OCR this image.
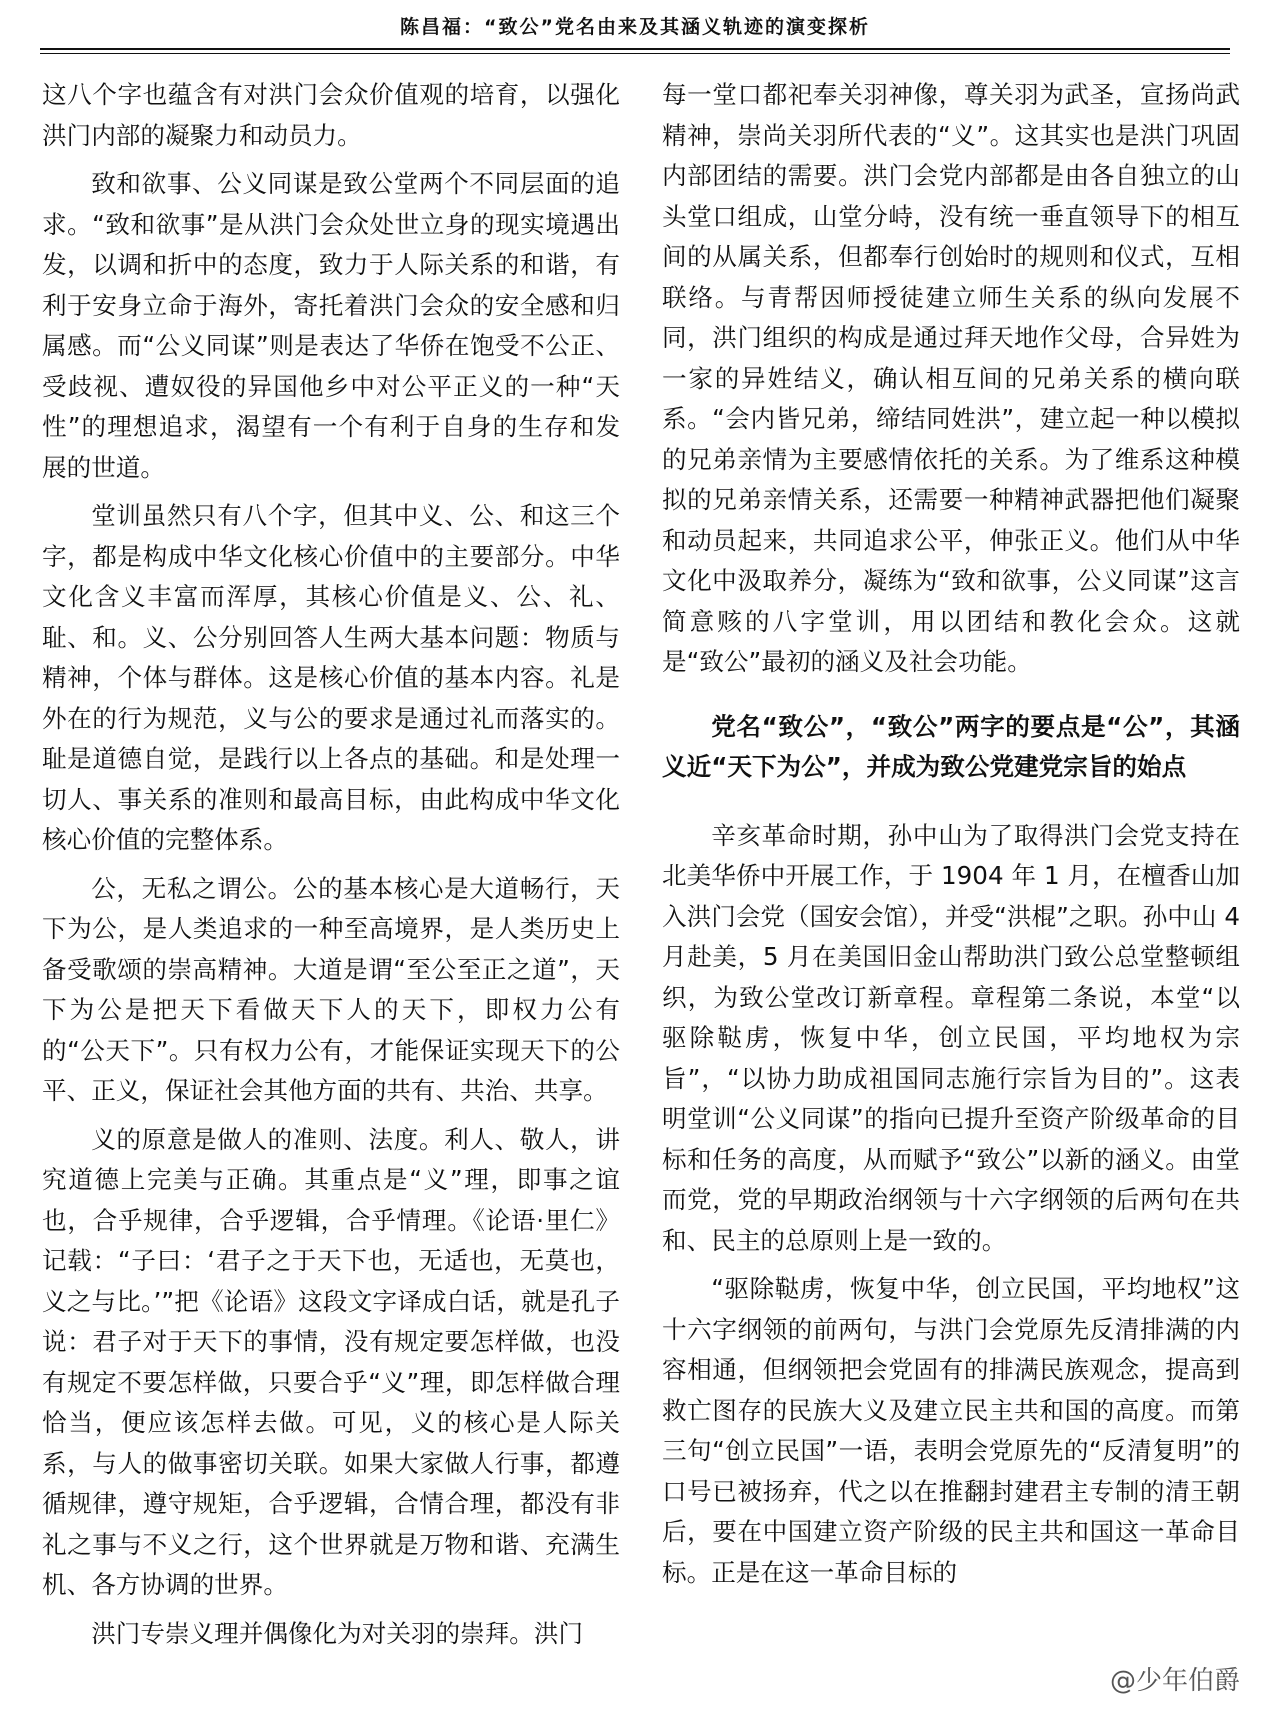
陈昌福：“致公”党名由来及其涵义轨迹的演变探析

这八个字也蕴含有对洪门会众价值观的培育，以强化洪门内部的凝聚力和动员力。

致和欲事、公义同谋是致公堂两个不同层面的追求。“致和欲事”是从洪门会众处世立身的现实境遇出发，以调和折中的态度，致力于人际关系的和谐，有利于安身立命于海外，寄托着洪门会众的安全感和归属感。而“公义同谋”则是表达了华侨在饱受不公正、受歧视、遭奴役的异国他乡中对公平正义的一种“天性”的理想追求，渴望有一个有利于自身的生存和发展的世道。

堂训虽然只有八个字，但其中义、公、和这三个字，都是构成中华文化核心价值中的主要部分。中华文化含义丰富而浑厚，其核心价值是义、公、礼、耻、和。义、公分别回答人生两大基本问题：物质与精神，个体与群体。这是核心价值的基本内容。礼是外在的行为规范，义与公的要求是通过礼而落实的。耻是道德自觉，是践行以上各点的基础。和是处理一切人、事关系的准则和最高目标，由此构成中华文化核心价值的完整体系。

公，无私之谓公。公的基本核心是大道畅行，天下为公，是人类追求的一种至高境界，是人类历史上备受歌颂的崇高精神。大道是谓“至公至正之道”，天下为公是把天下看做天下人的天下，即权力公有的“公天下”。只有权力公有，才能保证实现天下的公平、正义，保证社会其他方面的共有、共治、共享。

义的原意是做人的准则、法度。利人、敬人，讲究道德上完美与正确。其重点是“义”理，即事之谊也，合乎规律，合乎逻辑，合乎情理。《论语·里仁》记载：“子曰：‘君子之于天下也，无适也，无莫也，义之与比。’”把《论语》这段文字译成白话，就是孔子说：君子对于天下的事情，没有规定要怎样做，也没有规定不要怎样做，只要合乎“义”理，即怎样做合理恰当，便应该怎样去做。可见，义的核心是人际关系，与人的做事密切关联。如果大家做人行事，都遵循规律，遵守规矩，合乎逻辑，合情合理，都没有非礼之事与不义之行，这个世界就是万物和谐、充满生机、各方协调的世界。

洪门专崇义理并偶像化为对关羽的崇拜。洪门

每一堂口都祀奉关羽神像，尊关羽为武圣，宣扬尚武精神，崇尚关羽所代表的“义”。这其实也是洪门巩固内部团结的需要。洪门会党内部都是由各自独立的山头堂口组成，山堂分峙，没有统一垂直领导下的相互间的从属关系，但都奉行创始时的规则和仪式，互相联络。与青帮因师授徒建立师生关系的纵向发展不同，洪门组织的构成是通过拜天地作父母，合异姓为一家的异姓结义，确认相互间的兄弟关系的横向联系。“会内皆兄弟，缔结同姓洪”，建立起一种以模拟的兄弟亲情为主要感情依托的关系。为了维系这种模拟的兄弟亲情关系，还需要一种精神武器把他们凝聚和动员起来，共同追求公平，伸张正义。他们从中华文化中汲取养分，凝练为“致和欲事，公义同谋”这言简意赅的八字堂训，用以团结和教化会众。这就是“致公”最初的涵义及社会功能。

党名“致公”，“致公”两字的要点是“公”，其涵义近“天下为公”，并成为致公党建党宗旨的始点

辛亥革命时期，孙中山为了取得洪门会党支持在北美华侨中开展工作，于 1904 年 1 月，在檀香山加入洪门会党（国安会馆），并受“洪棍”之职。孙中山 4 月赴美，5 月在美国旧金山帮助洪门致公总堂整顿组织，为致公堂改订新章程。章程第二条说，本堂“以驱除鞑虏，恢复中华，创立民国，平均地权为宗旨”，“以协力助成祖国同志施行宗旨为目的”。这表明堂训“公义同谋”的指向已提升至资产阶级革命的目标和任务的高度，从而赋予“致公”以新的涵义。由堂而党，党的早期政治纲领与十六字纲领的后两句在共和、民主的总原则上是一致的。

“驱除鞑虏，恢复中华，创立民国，平均地权”这十六字纲领的前两句，与洪门会党原先反清排满的内容相通，但纲领把会党固有的排满民族观念，提高到救亡图存的民族大义及建立民主共和国的高度。而第三句“创立民国”一语，表明会党原先的“反清复明”的口号已被扬弃，代之以在推翻封建君主专制的清王朝后，要在中国建立资产阶级的民主共和国这一革命目标。正是在这一革命目标的

@少年伯爵
